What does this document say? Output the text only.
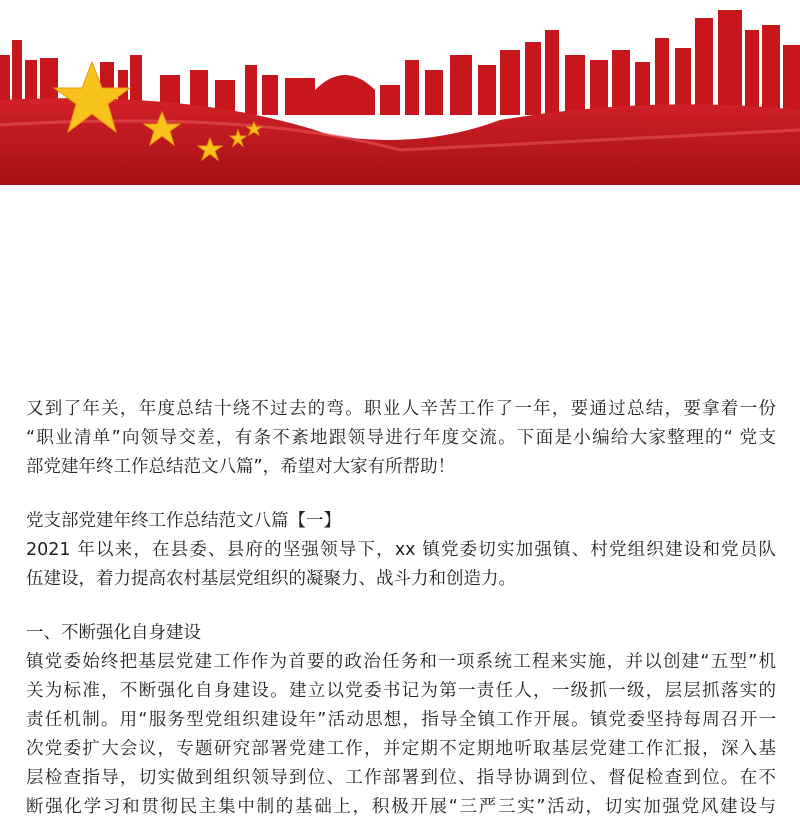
又到了年关，年度总结十绕不过去的弯。职业人辛苦工作了一年，要通过总结，要拿着一份
“职业清单”向领导交差，有条不紊地跟领导进行年度交流。下面是小编给大家整理的“ 党支
部党建年终工作总结范文八篇”，希望对大家有所帮助！
党支部党建年终工作总结范文八篇【一】
2021 年以来，在县委、县府的坚强领导下，xx 镇党委切实加强镇、村党组织建设和党员队
伍建设，着力提高农村基层党组织的凝聚力、战斗力和创造力。
一、不断强化自身建设
镇党委始终把基层党建工作作为首要的政治任务和一项系统工程来实施，并以创建“五型”机
关为标准，不断强化自身建设。建立以党委书记为第一责任人，一级抓一级，层层抓落实的
责任机制。用“服务型党组织建设年”活动思想，指导全镇工作开展。镇党委坚持每周召开一
次党委扩大会议，专题研究部署党建工作，并定期不定期地听取基层党建工作汇报，深入基
层检查指导，切实做到组织领导到位、工作部署到位、指导协调到位、督促检查到位。在不
断强化学习和贯彻民主集中制的基础上，积极开展“三严三实”活动，切实加强党风建设与
